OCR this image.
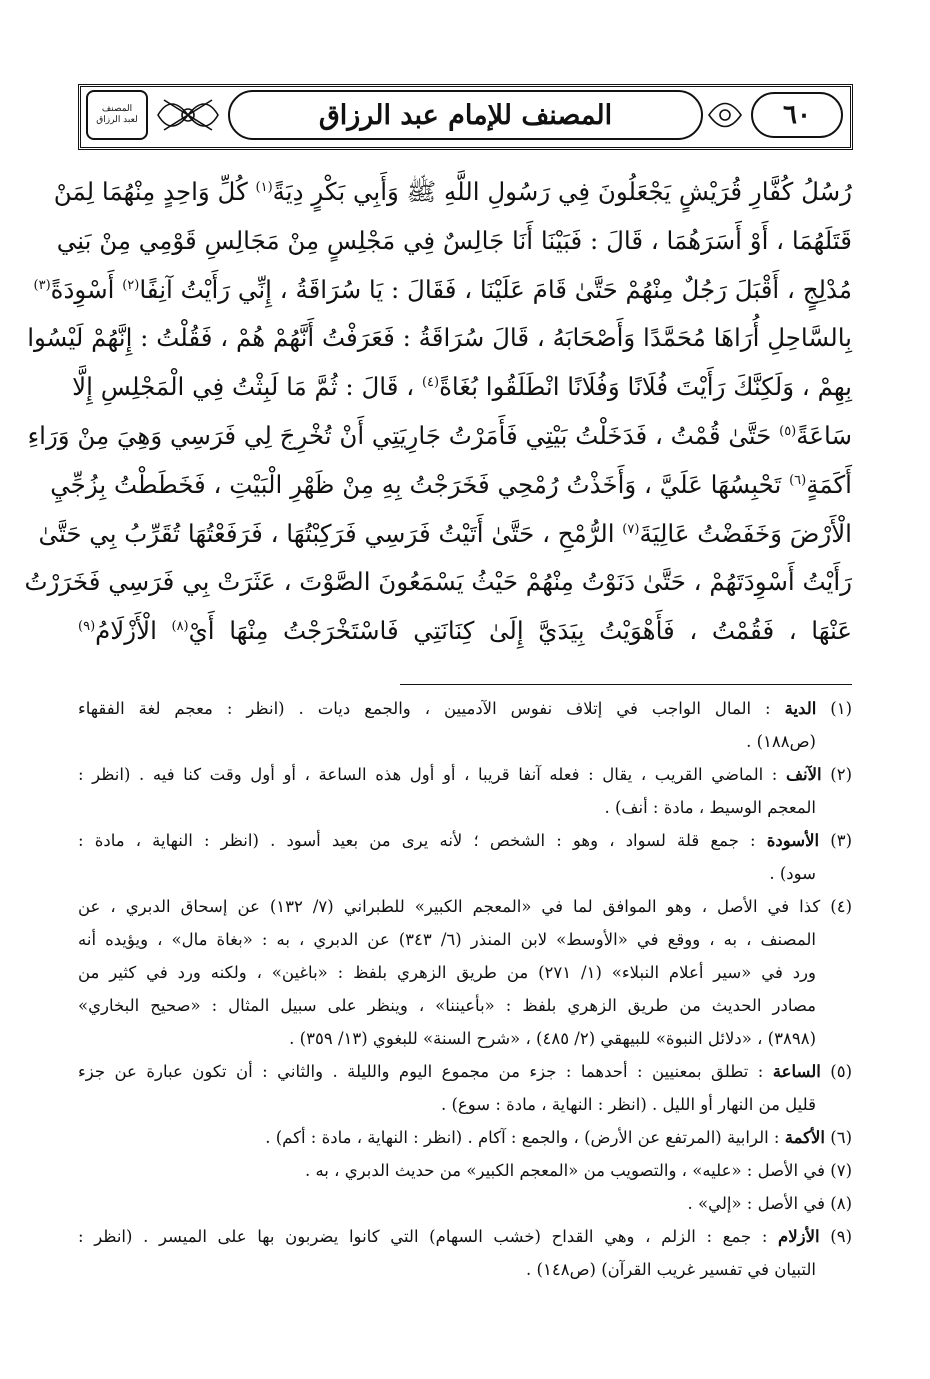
المصنف
لعبد الرزاق	المصنف للإمام عبد الرزاق	٦٠
رُسُلُ كُفَّارِ قُرَيْشٍ يَجْعَلُونَ فِي رَسُولِ اللَّهِ ﷺ وَأَبِي بَكْرٍ دِيَةً$^{(١)}$ كُلِّ وَاحِدٍ مِنْهُمَا لِمَنْ
قَتَلَهُمَا ، أَوْ أَسَرَهُمَا ، قَالَ : فَبَيْنَا أَنَا جَالِسٌ فِي مَجْلِسٍ مِنْ مَجَالِسِ قَوْمِي مِنْ بَنِي
مُدْلِجٍ ، أَقْبَلَ رَجُلٌ مِنْهُمْ حَتَّىٰ قَامَ عَلَيْنَا ، فَقَالَ : يَا سُرَاقَةُ ، إِنِّي رَأَيْتُ آنِفًا$^{(٢)}$ أَسْوِدَةً$^{(٣)}$
بِالسَّاحِلِ أُرَاهَا مُحَمَّدًا وَأَصْحَابَهُ ، قَالَ سُرَاقَةُ : فَعَرَفْتُ أَنَّهُمْ هُمْ ، فَقُلْتُ : إِنَّهُمْ لَيْسُوا
بِهِمْ ، وَلَكِنَّكَ رَأَيْتَ فُلَانًا وَفُلَانًا انْطَلَقُوا بُغَاةً$^{(٤)}$ ، قَالَ : ثُمَّ مَا لَبِثْتُ فِي الْمَجْلِسِ إِلَّا
سَاعَةً$^{(٥)}$ حَتَّىٰ قُمْتُ ، فَدَخَلْتُ بَيْتِي فَأَمَرْتُ جَارِيَتِي أَنْ تُخْرِجَ لِي فَرَسِي وَهِيَ مِنْ وَرَاءِ
أَكَمَةٍ$^{(٦)}$ تَحْبِسُهَا عَلَيَّ ، وَأَخَذْتُ رُمْحِي فَخَرَجْتُ بِهِ مِنْ ظَهْرِ الْبَيْتِ ، فَخَطَطْتُ بِزُجِّيِ
الْأَرْضَ وَخَفَضْتُ عَالِيَةَ$^{(٧)}$ الرُّمْحِ ، حَتَّىٰ أَتَيْتُ فَرَسِي فَرَكِبْتُهَا ، فَرَفَعْتُهَا تُقَرِّبُ بِي حَتَّىٰ
رَأَيْتُ أَسْوِدَتَهُمْ ، حَتَّىٰ دَنَوْتُ مِنْهُمْ حَيْثُ يَسْمَعُونَ الصَّوْتَ ، عَثَرَتْ بِي فَرَسِي فَخَرَرْتُ
عَنْهَا ، فَقُمْتُ ، فَأَهْوَيْتُ بِيَدَيَّ إِلَىٰ كِنَانَتِي فَاسْتَخْرَجْتُ مِنْهَا أَيْ$^{(٨)}$ الْأَزْلَامُ$^{(٩)}$
(١) الدية : المال الواجب في إتلاف نفوس الآدميين ، والجمع ديات . (انظر : معجم لغة الفقهاء
(ص١٨٨) .
(٢) الآنف : الماضي القريب ، يقال : فعله آنفا قريبا ، أو أول هذه الساعة ، أو أول وقت كنا فيه . (انظر :
المعجم الوسيط ، مادة : أنف) .
(٣) الأسودة : جمع قلة لسواد ، وهو : الشخص ؛ لأنه يرى من بعيد أسود . (انظر : النهاية ، مادة :
سود) .
(٤) كذا في الأصل ، وهو الموافق لما في «المعجم الكبير» للطبراني (٧/ ١٣٢) عن إسحاق الدبري ، عن
المصنف ، به ، ووقع في «الأوسط» لابن المنذر (٦/ ٣٤٣) عن الدبري ، به : «بغاة مال» ، ويؤيده أنه
ورد في «سير أعلام النبلاء» (١/ ٢٧١) من طريق الزهري بلفظ : «باغين» ، ولكنه ورد في كثير من
مصادر الحديث من طريق الزهري بلفظ : «بأعيننا» ، وينظر على سبيل المثال : «صحيح البخاري»
(٣٨٩٨) ، «دلائل النبوة» للبيهقي (٢/ ٤٨٥) ، «شرح السنة» للبغوي (١٣/ ٣٥٩) .
(٥) الساعة : تطلق بمعنيين : أحدهما : جزء من مجموع اليوم والليلة . والثاني : أن تكون عبارة عن جزء
قليل من النهار أو الليل . (انظر : النهاية ، مادة : سوع) .
(٦) الأكمة : الرابية (المرتفع عن الأرض) ، والجمع : آكام . (انظر : النهاية ، مادة : أكم) .
(٧) في الأصل : «عليه» ، والتصويب من «المعجم الكبير» من حديث الدبري ، به .
(٨) في الأصل : «إلي» .
(٩) الأزلام : جمع : الزلم ، وهي القداح (خشب السهام) التي كانوا يضربون بها على الميسر . (انظر :
التبيان في تفسير غريب القرآن) (ص١٤٨) .
